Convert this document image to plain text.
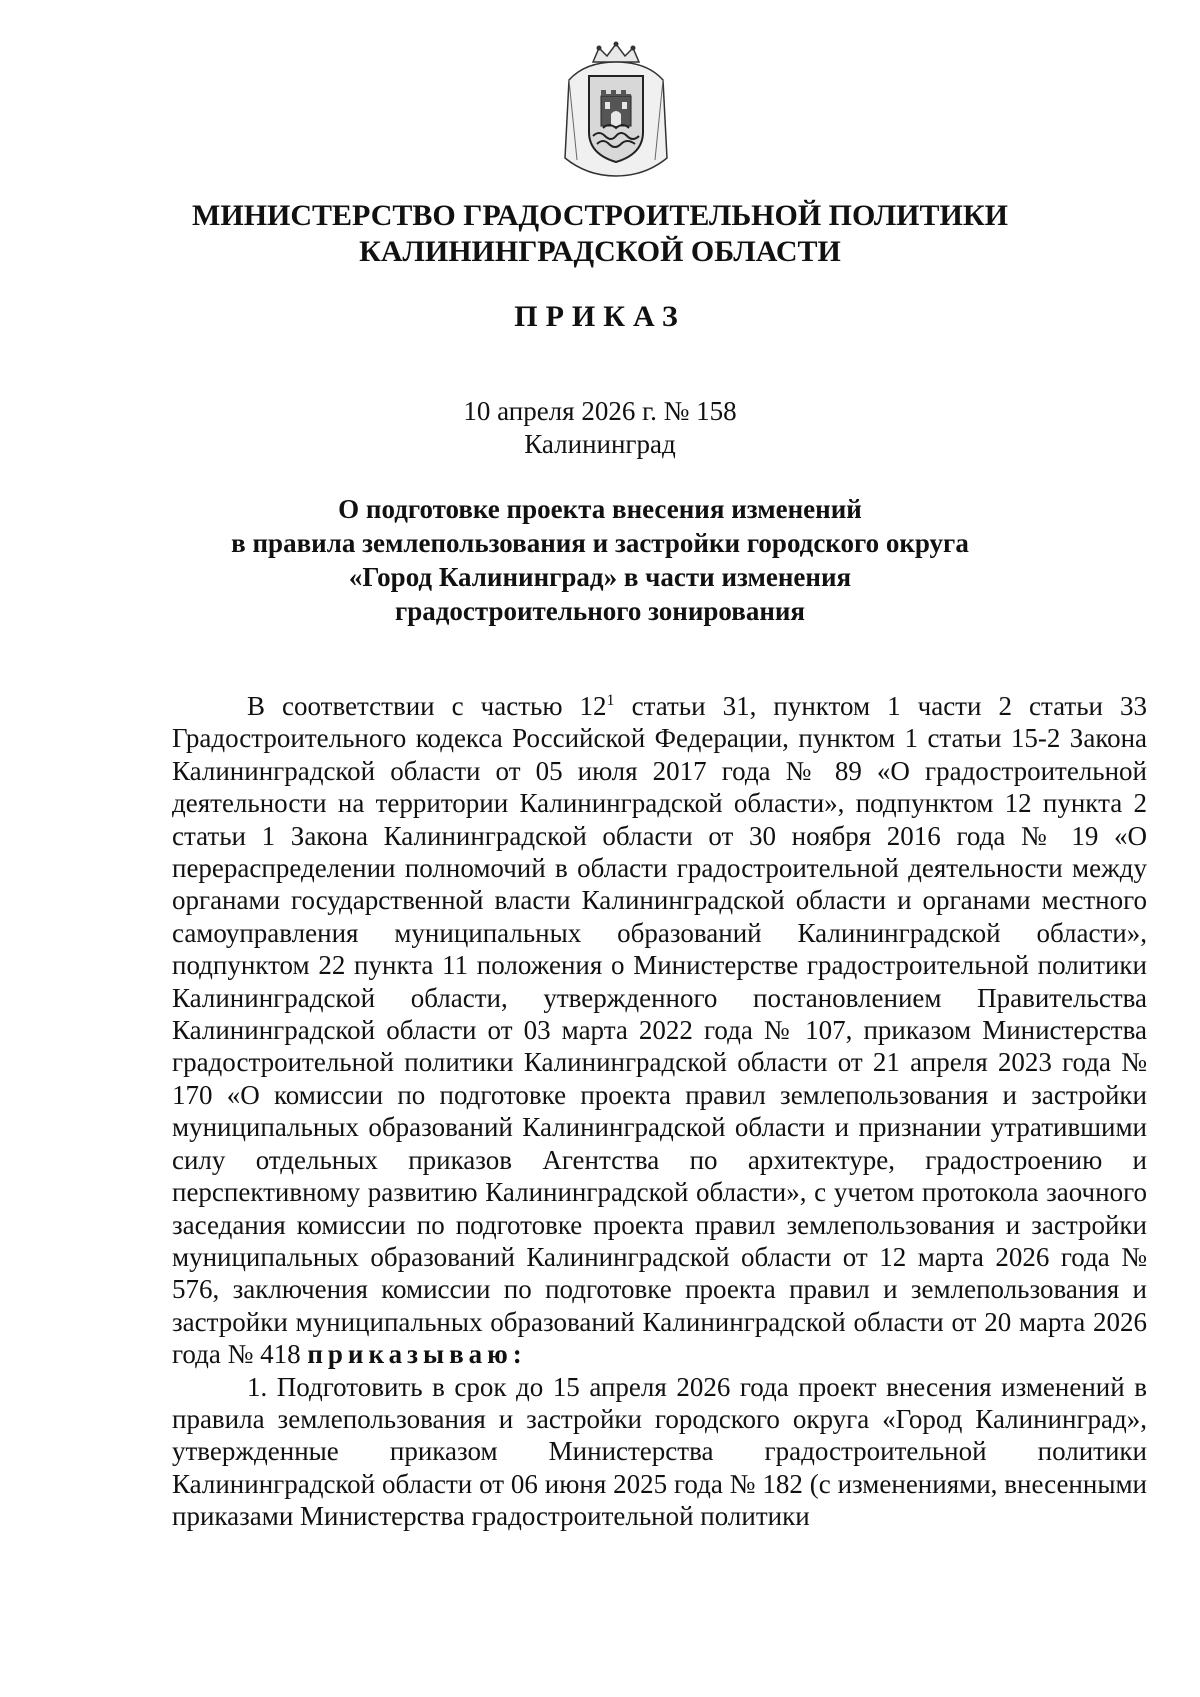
МИНИСТЕРСТВО ГРАДОСТРОИТЕЛЬНОЙ ПОЛИТИКИ
КАЛИНИНГРАДСКОЙ ОБЛАСТИ
ПРИКАЗ
10 апреля 2026 г. № 158
Калининград
О подготовке проекта внесения изменений
в правила землепользования и застройки городского округа
«Город Калининград» в части изменения
градостроительного зонирования

В соответствии с частью $12^1$ статьи 31, пунктом 1 части 2 статьи 33 Градостроительного кодекса Российской Федерации, пунктом 1 статьи 15-2 Закона Калининградской области от 05 июля 2017 года № 89 «О градостроительной деятельности на территории Калининградской области», подпунктом 12 пункта 2 статьи 1 Закона Калининградской области от 30 ноября 2016 года № 19 «О перераспределении полномочий в области градостроительной деятельности между органами государственной власти Калининградской области и органами местного самоуправления муниципальных образований Калининградской области», подпунктом 22 пункта 11 положения о Министерстве градостроительной политики Калининградской области, утвержденного постановлением Правительства Калининградской области от 03 марта 2022 года № 107, приказом Министерства градостроительной политики Калининградской области от 21 апреля 2023 года № 170 «О комиссии по подготовке проекта правил землепользования и застройки муниципальных образований Калининградской области и признании утратившими силу отдельных приказов Агентства по архитектуре, градостроению и перспективному развитию Калининградской области», с учетом протокола заочного заседания комиссии по подготовке проекта правил землепользования и застройки муниципальных образований Калининградской области от 12 марта 2026 года № 576, заключения комиссии по подготовке проекта правил и землепользования и застройки муниципальных образований Калининградской области от 20 марта 2026 года № 418 приказываю:

1. Подготовить в срок до 15 апреля 2026 года проект внесения изменений в правила землепользования и застройки городского округа «Город Калининград», утвержденные приказом Министерства градостроительной политики Калининградской области от 06 июня 2025 года № 182 (с изменениями, внесенными приказами Министерства градостроительной политики
